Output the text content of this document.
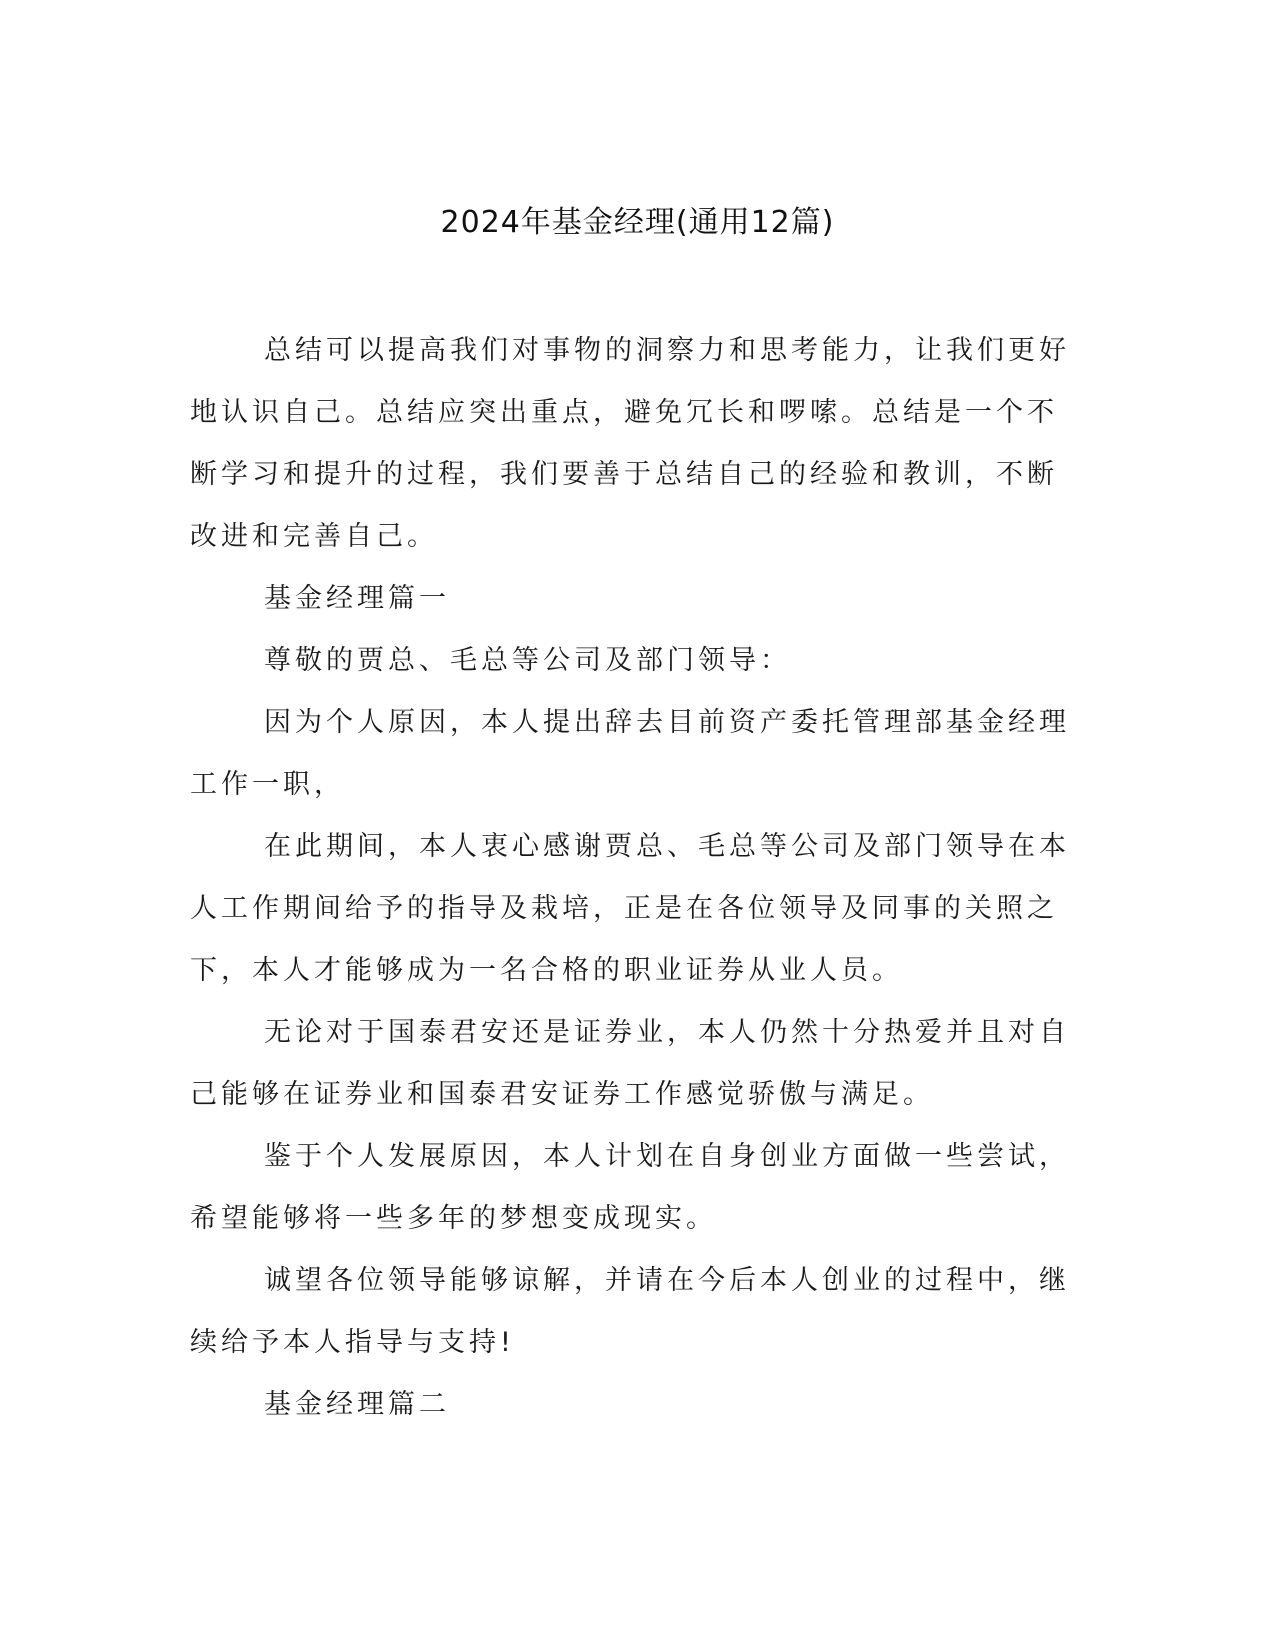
2024年基金经理(通用12篇)

总结可以提高我们对事物的洞察力和思考能力，让我们更好地认识自己。总结应突出重点，避免冗长和啰嗦。总结是一个不断学习和提升的过程，我们要善于总结自己的经验和教训，不断改进和完善自己。

基金经理篇一

尊敬的贾总、毛总等公司及部门领导：

因为个人原因，本人提出辞去目前资产委托管理部基金经理工作一职，

在此期间，本人衷心感谢贾总、毛总等公司及部门领导在本人工作期间给予的指导及栽培，正是在各位领导及同事的关照之下，本人才能够成为一名合格的职业证券从业人员。

无论对于国泰君安还是证券业，本人仍然十分热爱并且对自己能够在证券业和国泰君安证券工作感觉骄傲与满足。

鉴于个人发展原因，本人计划在自身创业方面做一些尝试，希望能够将一些多年的梦想变成现实。

诚望各位领导能够谅解，并请在今后本人创业的过程中，继续给予本人指导与支持!

基金经理篇二
